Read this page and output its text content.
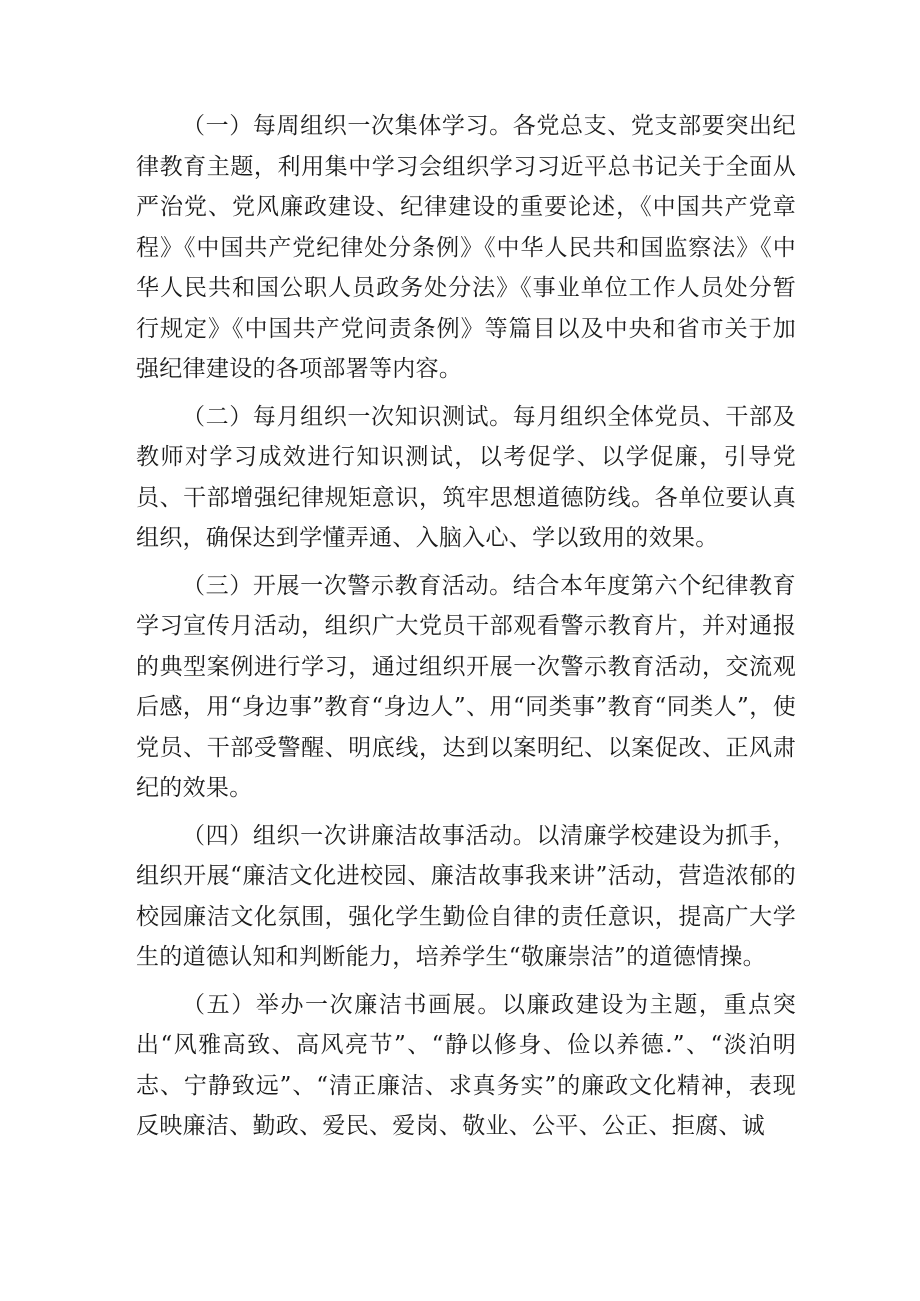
（一）每周组织一次集体学习。各党总支、党支部要突出纪律教育主题，利用集中学习会组织学习习近平总书记关于全面从严治党、党风廉政建设、纪律建设的重要论述，《中国共产党章程》《中国共产党纪律处分条例》《中华人民共和国监察法》《中华人民共和国公职人员政务处分法》《事业单位工作人员处分暂行规定》《中国共产党问责条例》等篇目以及中央和省市关于加强纪律建设的各项部署等内容。

（二）每月组织一次知识测试。每月组织全体党员、干部及教师对学习成效进行知识测试，以考促学、以学促廉，引导党员、干部增强纪律规矩意识，筑牢思想道德防线。各单位要认真组织，确保达到学懂弄通、入脑入心、学以致用的效果。

（三）开展一次警示教育活动。结合本年度第六个纪律教育学习宣传月活动，组织广大党员干部观看警示教育片，并对通报的典型案例进行学习，通过组织开展一次警示教育活动，交流观后感，用“身边事”教育“身边人”、用“同类事”教育“同类人”，使党员、干部受警醒、明底线，达到以案明纪、以案促改、正风肃纪的效果。

（四）组织一次讲廉洁故事活动。以清廉学校建设为抓手，组织开展“廉洁文化进校园、廉洁故事我来讲”活动，营造浓郁的校园廉洁文化氛围，强化学生勤俭自律的责任意识，提高广大学生的道德认知和判断能力，培养学生“敬廉崇洁”的道德情操。

（五）举办一次廉洁书画展。以廉政建设为主题，重点突出“风雅高致、高风亮节”、“静以修身、俭以养德.”、“淡泊明志、宁静致远”、“清正廉洁、求真务实”的廉政文化精神，表现反映廉洁、勤政、爱民、爱岗、敬业、公平、公正、拒腐、诚
